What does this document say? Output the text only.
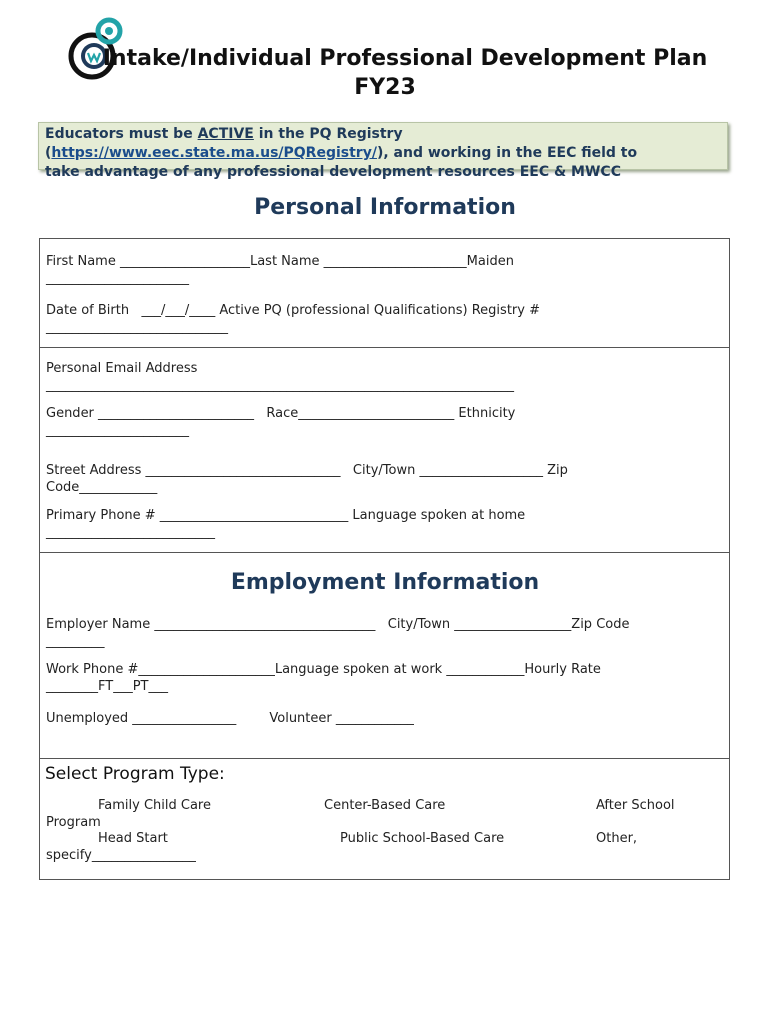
Intake/Individual Professional Development Plan
FY23
Educators must be ACTIVE in the PQ Registry
(https://www.eec.state.ma.us/PQRegistry/), and working in the EEC field to
take advantage of any professional development resources EEC & MWCC
Personal Information
First Name ____________________Last Name ______________________Maiden
______________________
Date of Birth   ___/___/____ Active PQ (professional Qualifications) Registry #
____________________________
Personal Email Address
________________________________________________________________________
Gender ________________________   Race________________________ Ethnicity
______________________
Street Address ______________________________   City/Town ___________________ Zip
Code____________
Primary Phone # _____________________________ Language spoken at home
__________________________
Employment Information
Employer Name __________________________________   City/Town __________________Zip Code
_________
Work Phone #_____________________Language spoken at work ____________Hourly Rate
________FT___PT___
Unemployed ________________        Volunteer ____________
Select Program Type:
Family Child Care	Center-Based Care	After School
Program
Head Start	Public School-Based Care	Other,
specify________________
